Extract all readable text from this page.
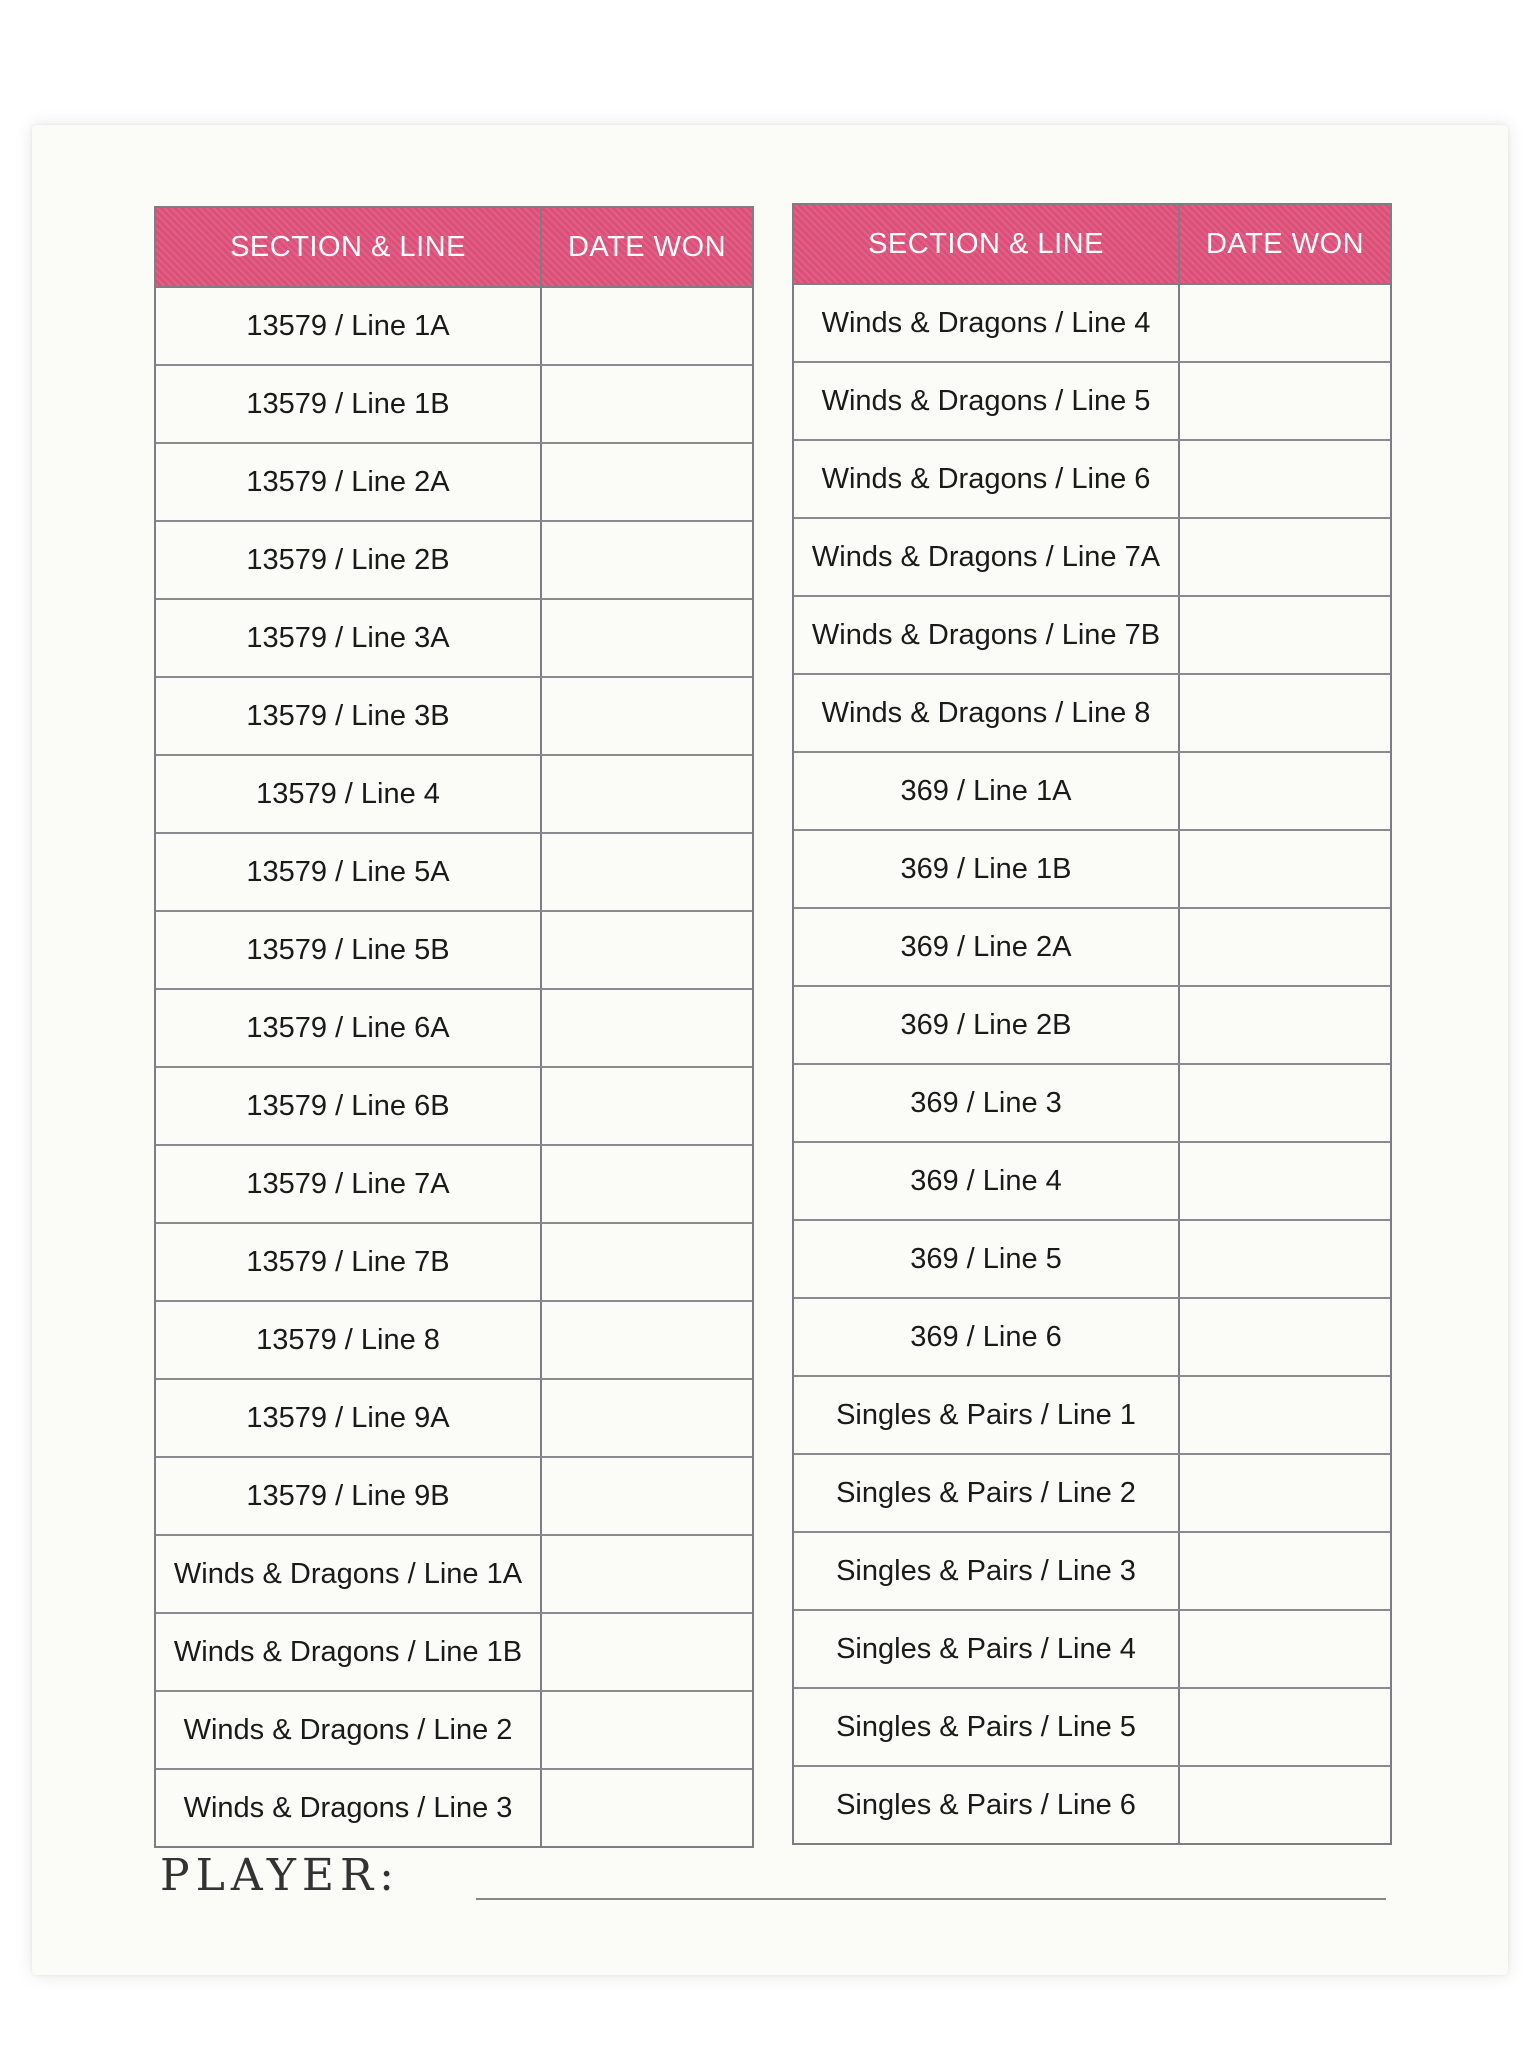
SECTION & LINE	DATE WON
13579 / Line 1A
13579 / Line 1B
13579 / Line 2A
13579 / Line 2B
13579 / Line 3A
13579 / Line 3B
13579 / Line 4
13579 / Line 5A
13579 / Line 5B
13579 / Line 6A
13579 / Line 6B
13579 / Line 7A
13579 / Line 7B
13579 / Line 8
13579 / Line 9A
13579 / Line 9B
Winds & Dragons / Line 1A
Winds & Dragons / Line 1B
Winds & Dragons / Line 2
Winds & Dragons / Line 3
SECTION & LINE	DATE WON
Winds & Dragons / Line 4
Winds & Dragons / Line 5
Winds & Dragons / Line 6
Winds & Dragons / Line 7A
Winds & Dragons / Line 7B
Winds & Dragons / Line 8
369 / Line 1A
369 / Line 1B
369 / Line 2A
369 / Line 2B
369 / Line 3
369 / Line 4
369 / Line 5
369 / Line 6
Singles & Pairs / Line 1
Singles & Pairs / Line 2
Singles & Pairs / Line 3
Singles & Pairs / Line 4
Singles & Pairs / Line 5
Singles & Pairs / Line 6
PLAYER:
